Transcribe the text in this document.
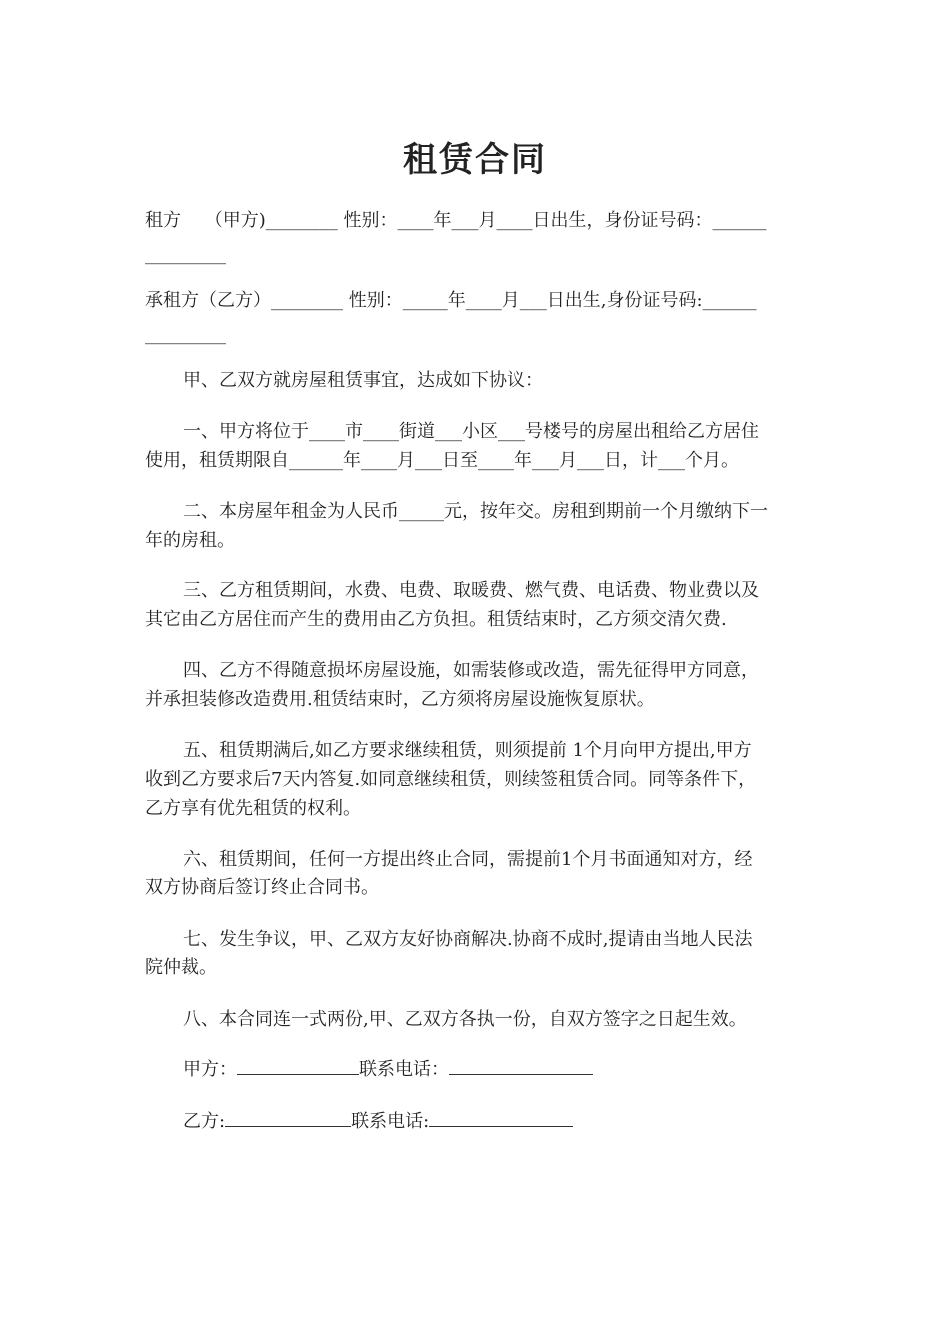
租赁合同
租方　 （甲方)________ 性别：____年___月____日出生，身份证号码：______
_________
承租方（乙方）________ 性别：_____年____月___日出生,身份证号码:______
_________
甲、乙双方就房屋租赁事宜，达成如下协议：
一、甲方将位于____市____街道___小区___号楼号的房屋出租给乙方居住
使用，租赁期限自______年____月___日至____年___月___日，计___个月。
二、本房屋年租金为人民币_____元，按年交。房租到期前一个月缴纳下一
年的房租。
三、乙方租赁期间，水费、电费、取暖费、燃气费、电话费、物业费以及
其它由乙方居住而产生的费用由乙方负担。租赁结束时，乙方须交清欠费.
四、乙方不得随意损坏房屋设施，如需装修或改造，需先征得甲方同意，
并承担装修改造费用.租赁结束时，乙方须将房屋设施恢复原状。
五、租赁期满后,如乙方要求继续租赁，则须提前 1个月向甲方提出,甲方
收到乙方要求后7天内答复.如同意继续租赁，则续签租赁合同。同等条件下，
乙方享有优先租赁的权利。
六、租赁期间，任何一方提出终止合同，需提前1个月书面通知对方，经
双方协商后签订终止合同书。
七、发生争议，甲、乙双方友好协商解决.协商不成时,提请由当地人民法
院仲裁。
八、本合同连一式两份,甲、乙双方各执一份，自双方签字之日起生效。
甲方：	联系电话：
乙方:	联系电话:
